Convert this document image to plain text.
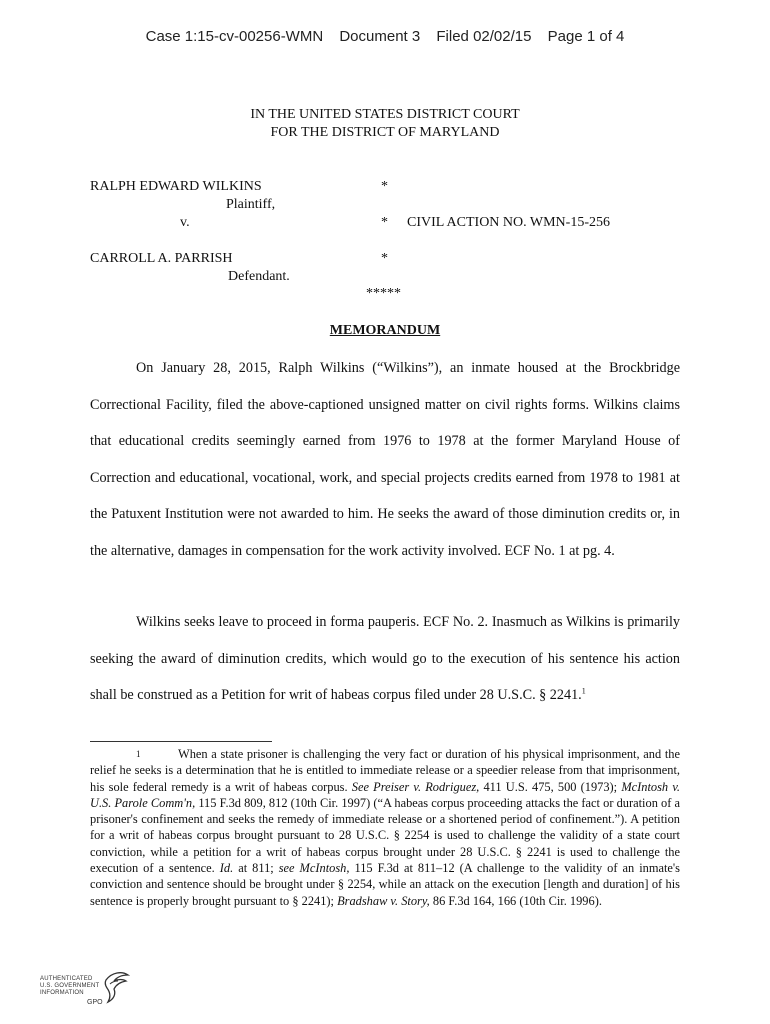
Case 1:15-cv-00256-WMN Document 3 Filed 02/02/15 Page 1 of 4
IN THE UNITED STATES DISTRICT COURT
FOR THE DISTRICT OF MARYLAND
RALPH EDWARD WILKINS
Plaintiff,
v.
CARROLL A. PARRISH
Defendant.
*
*
*
CIVIL ACTION NO. WMN-15-256
*****
MEMORANDUM

On January 28, 2015, Ralph Wilkins (“Wilkins”), an inmate housed at the Brockbridge Correctional Facility, filed the above-captioned unsigned matter on civil rights forms. Wilkins claims that educational credits seemingly earned from 1976 to 1978 at the former Maryland House of Correction and educational, vocational, work, and special projects credits earned from 1978 to 1981 at the Patuxent Institution were not awarded to him. He seeks the award of those diminution credits or, in the alternative, damages in compensation for the work activity involved. ECF No. 1 at pg. 4.

Wilkins seeks leave to proceed in forma pauperis. ECF No. 2. Inasmuch as Wilkins is primarily seeking the award of diminution credits, which would go to the execution of his sentence his action shall be construed as a Petition for writ of habeas corpus filed under 28 U.S.C. § 2241.$^1$

1	When a state prisoner is challenging the very fact or duration of his physical imprisonment, and the relief he seeks is a determination that he is entitled to immediate release or a speedier release from that imprisonment, his sole federal remedy is a writ of habeas corpus. See Preiser v. Rodriguez, 411 U.S. 475, 500 (1973); McIntosh v. U.S. Parole Comm'n, 115 F.3d 809, 812 (10th Cir. 1997) (“A habeas corpus proceeding attacks the fact or duration of a prisoner's confinement and seeks the remedy of immediate release or a shortened period of confinement.”). A petition for a writ of habeas corpus brought pursuant to 28 U.S.C. § 2254 is used to challenge the validity of a state court conviction, while a petition for a writ of habeas corpus brought under 28 U.S.C. § 2241 is used to challenge the execution of a sentence. Id. at 811; see McIntosh, 115 F.3d at 811–12 (A challenge to the validity of an inmate's conviction and sentence should be brought under § 2254, while an attack on the execution [length and duration] of his sentence is properly brought pursuant to § 2241); Bradshaw v. Story, 86 F.3d 164, 166 (10th Cir. 1996).

AUTHENTICATED
U.S. GOVERNMENT
INFORMATION
GPO
